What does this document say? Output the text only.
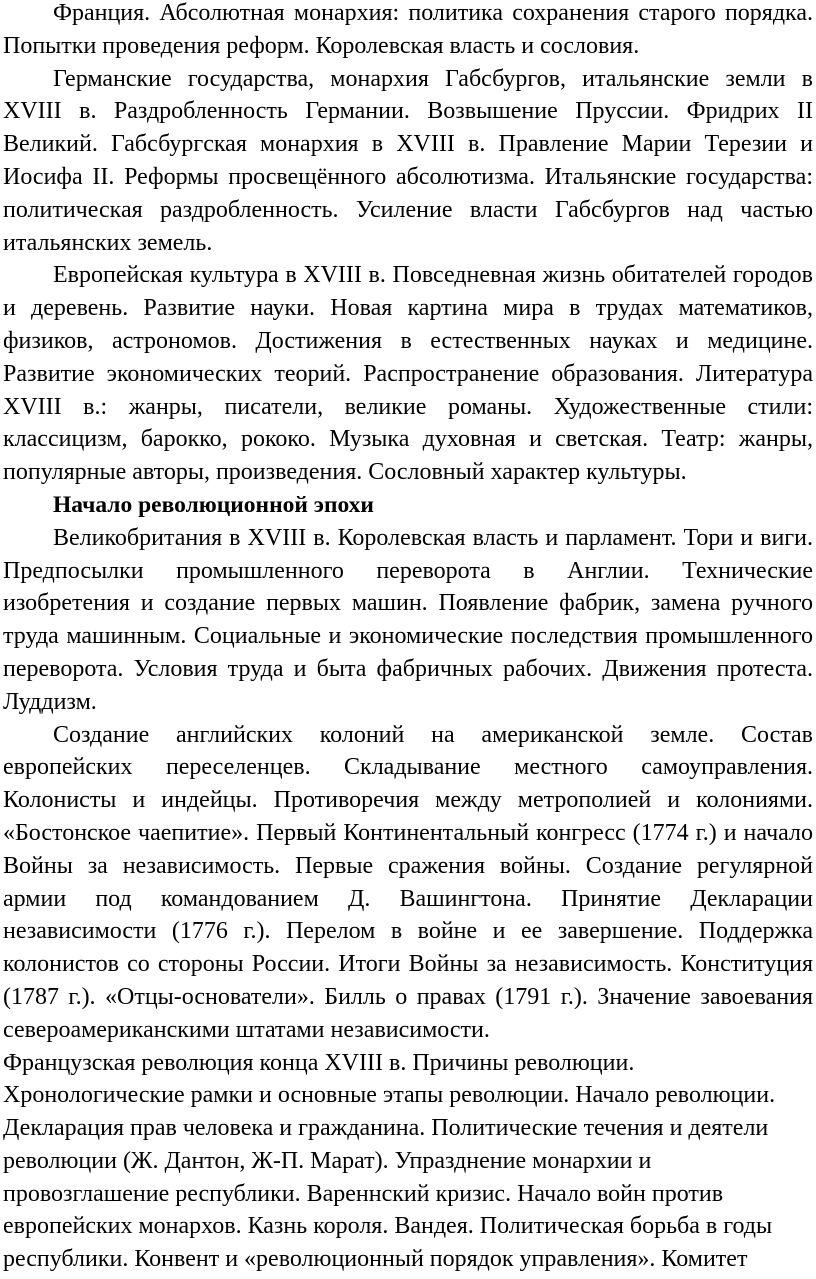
Франция. Абсолютная монархия: политика сохранения старого порядка. Попытки проведения реформ. Королевская власть и сословия.

Германские государства, монархия Габсбургов, итальянские земли в XVIII в. Раздробленность Германии. Возвышение Пруссии. Фридрих II Великий. Габсбургская монархия в XVIII в. Правление Марии Терезии и Иосифа II. Реформы просвещённого абсолютизма. Итальянские государства: политическая раздробленность. Усиление власти Габсбургов над частью итальянских земель.

Европейская культура в XVIII в. Повседневная жизнь обитателей городов и деревень. Развитие науки. Новая картина мира в трудах математиков, физиков, астрономов. Достижения в естественных науках и медицине. Развитие экономических теорий. Распространение образования. Литература XVIII в.: жанры, писатели, великие романы. Художественные стили: классицизм, барокко, рококо. Музыка духовная и светская. Театр: жанры, популярные авторы, произведения. Сословный характер культуры.

Начало революционной эпохи

Великобритания в XVIII в. Королевская власть и парламент. Тори и виги. Предпосылки промышленного переворота в Англии. Технические изобретения и создание первых машин. Появление фабрик, замена ручного труда машинным. Социальные и экономические последствия промышленного переворота. Условия труда и быта фабричных рабочих. Движения протеста. Луддизм.

Создание английских колоний на американской земле. Состав европейских переселенцев. Складывание местного самоуправления. Колонисты и индейцы. Противоречия между метрополией и колониями. «Бостонское чаепитие». Первый Континентальный конгресс (1774 г.) и начало Войны за независимость. Первые сражения войны. Создание регулярной армии под командованием Д. Вашингтона. Принятие Декларации независимости (1776 г.). Перелом в войне и ее завершение. Поддержка колонистов со стороны России. Итоги Войны за независимость. Конституция (1787 г.). «Отцы-основатели». Билль о правах (1791 г.). Значение завоевания североамериканскими штатами независимости.

Французская революция конца XVIII в. Причины революции.
Хронологические рамки и основные этапы революции. Начало революции.
Декларация прав человека и гражданина. Политические течения и деятели
революции (Ж. Дантон, Ж-П. Марат). Упразднение монархии и
провозглашение республики. Вареннский кризис. Начало войн против
европейских монархов. Казнь короля. Вандея. Политическая борьба в годы
республики. Конвент и «революционный порядок управления». Комитет
